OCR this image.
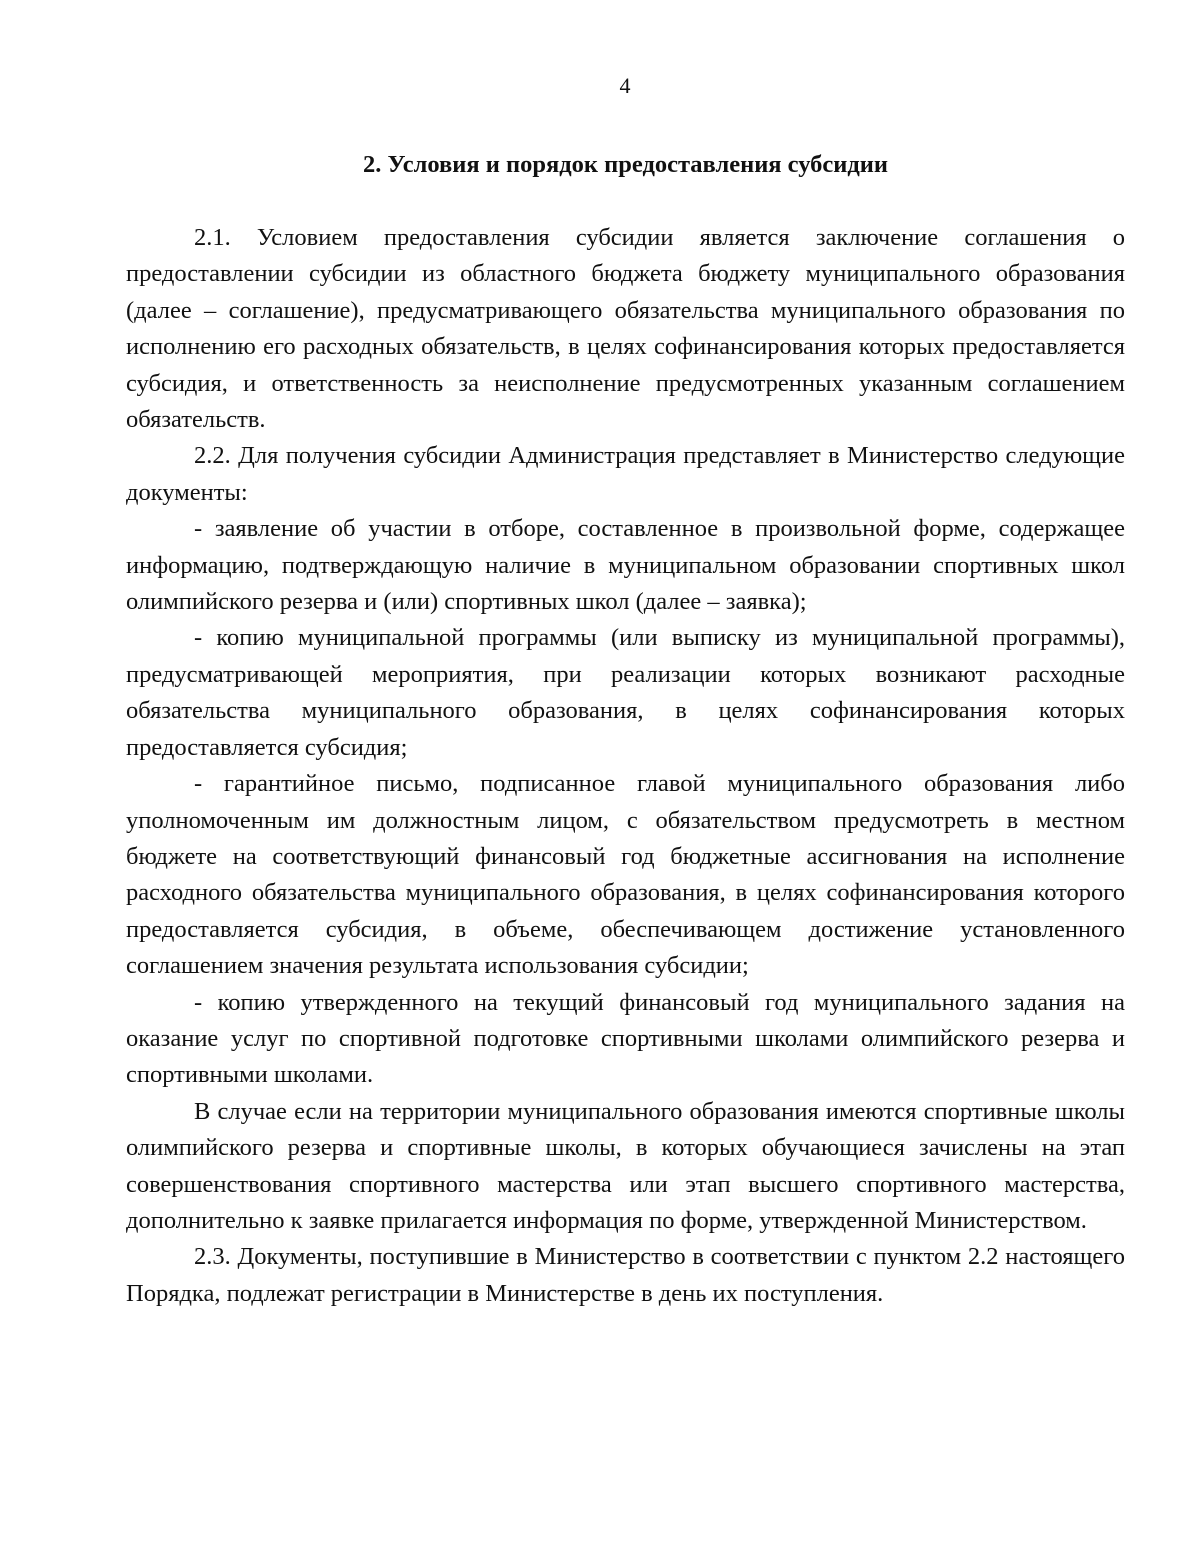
4
2. Условия и порядок предоставления субсидии

2.1. Условием предоставления субсидии является заключение соглашения о предоставлении субсидии из областного бюджета бюджету муниципального образования (далее – соглашение), предусматривающего обязательства муниципального образования по исполнению его расходных обязательств, в целях софинансирования которых предоставляется субсидия, и ответственность за неисполнение предусмотренных указанным соглашением обязательств.

2.2. Для получения субсидии Администрация представляет в Министерство следующие документы:

- заявление об участии в отборе, составленное в произвольной форме, содержащее информацию, подтверждающую наличие в муниципальном образовании спортивных школ олимпийского резерва и (или) спортивных школ (далее – заявка);

- копию муниципальной программы (или выписку из муниципальной программы), предусматривающей мероприятия, при реализации которых возникают расходные обязательства муниципального образования, в целях софинансирования которых предоставляется субсидия;

- гарантийное письмо, подписанное главой муниципального образования либо уполномоченным им должностным лицом, с обязательством предусмотреть в местном бюджете на соответствующий финансовый год бюджетные ассигнования на исполнение расходного обязательства муниципального образования, в целях софинансирования которого предоставляется субсидия, в объеме, обеспечивающем достижение установленного соглашением значения результата использования субсидии;

- копию утвержденного на текущий финансовый год муниципального задания на оказание услуг по спортивной подготовке спортивными школами олимпийского резерва и спортивными школами.

В случае если на территории муниципального образования имеются спортивные школы олимпийского резерва и спортивные школы, в которых обучающиеся зачислены на этап совершенствования спортивного мастерства или этап высшего спортивного мастерства, дополнительно к заявке прилагается информация по форме, утвержденной Министерством.

2.3. Документы, поступившие в Министерство в соответствии с пунктом 2.2 настоящего Порядка, подлежат регистрации в Министерстве в день их поступления.
